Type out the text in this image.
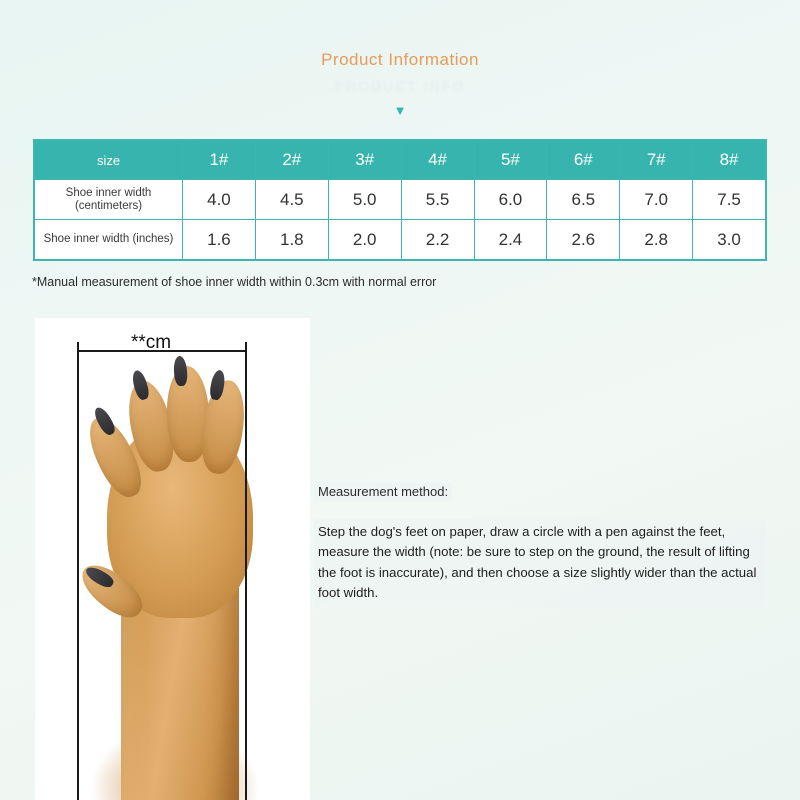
Product Information
PRODUCT INFO
▼
size	1#	2#	3#	4#	5#	6#	7#	8#
Shoe inner width (centimeters)	4.0	4.5	5.0	5.5	6.0	6.5	7.0	7.5
Shoe inner width (inches)	1.6	1.8	2.0	2.2	2.4	2.6	2.8	3.0
*Manual measurement of shoe inner width within 0.3cm with normal error
**cm
Measurement method:
Step the dog's feet on paper, draw a circle with a pen against the feet, measure the width (note: be sure to step on the ground, the result of lifting the foot is inaccurate), and then choose a size slightly wider than the actual foot width.
